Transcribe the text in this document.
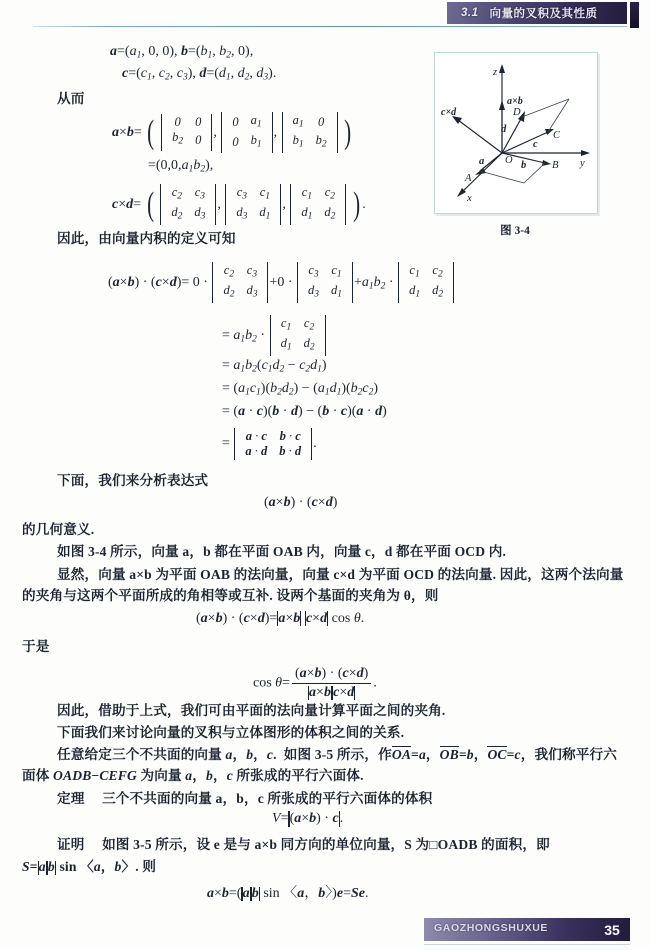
3.1 向量的叉积及其性质
z
y
x
O
A
B
C
D
a×b
c×d
a	b
c
d
图 3-4
$a=(a_1$, 0, 0), $b=(b_1$, $b_2$, 0),
$c=(c_1$, $c_2$, $c_3$), $d=(d_1$, $d_2$, $d_3$).
从而
a×b= ( 0	0
$b_2$	0 ,
0	$a_1$
0	$b_1$
,
$a_1$	0
$b_1$	$b_2$ )
$=(0,0,a_1b_2)$,
c×d= ( $c_2$	$c_3$
$d_2$	$d_3$
,
$c_3$	$c_1$
$d_3$	$d_1$
,
$c_1$	$c_2$
$d_1$	$d_2$ ) .
因此，由向量内积的定义可知
(a×b) · (c×d)= 0 ·
$c_2$	$c_3$
$d_2$	$d_3$
+0 ·
$c_3$	$c_1$
$d_3$	$d_1$
$+a_1b_2$ ·
$c_1$	$c_2$
$d_1$	$d_2$
= $a_1b_2$ ·
$c_1$	$c_2$
$d_1$	$d_2$
= $a_1b_2(c_1d_2 - c_2d_1)$
= $(a_1c_1)(b_2d_2) - (a_1d_1)(b_2c_2)$
= (a · c)(b · d) − (b · c)(a · d)
=
a · c	b · c
a · d	b · d .
下面，我们来分析表达式
(a×b) · (c×d)
的几何意义.
如图 3-4 所示，向量 a，b 都在平面 OAB 内，向量 c，d 都在平面 OCD 内.
显然，向量 a×b 为平面 OAB 的法向量，向量 c×d 为平面 OCD 的法向量. 因此，这两个法向量的夹角与这两个平面所成的角相等或互补. 设两个基面的夹角为 θ，则
(a×b) · (c×d)=a×b c×d cos θ.
于是
$\cos \theta= \frac{(a\times b) \cdot (c\times d)}{\text{a×b c×d}}$ .
因此，借助于上式，我们可由平面的法向量计算平面之间的夹角.
下面我们来讨论向量的叉积与立体图形的体积之间的关系.
任意给定三个不共面的向量 a，b，c.  如图 3-5 所示，作OA=a，OB=b，OC=c，我们称平行六面体 OADB−CEFG 为向量 a，b，c 所张成的平行六面体.
定理 三个不共面的向量 a，b，c 所张成的平行六面体的体积
V=(a×b) · c.
证明 如图 3-5 所示，设 e 是与 a×b 同方向的单位向量，S 为□OADB 的面积，即
S=a b sin 〈a，b〉. 则
a×b=(a b sin 〈a，b〉)e=Se.
GAOZHONGSHUXUE	35
